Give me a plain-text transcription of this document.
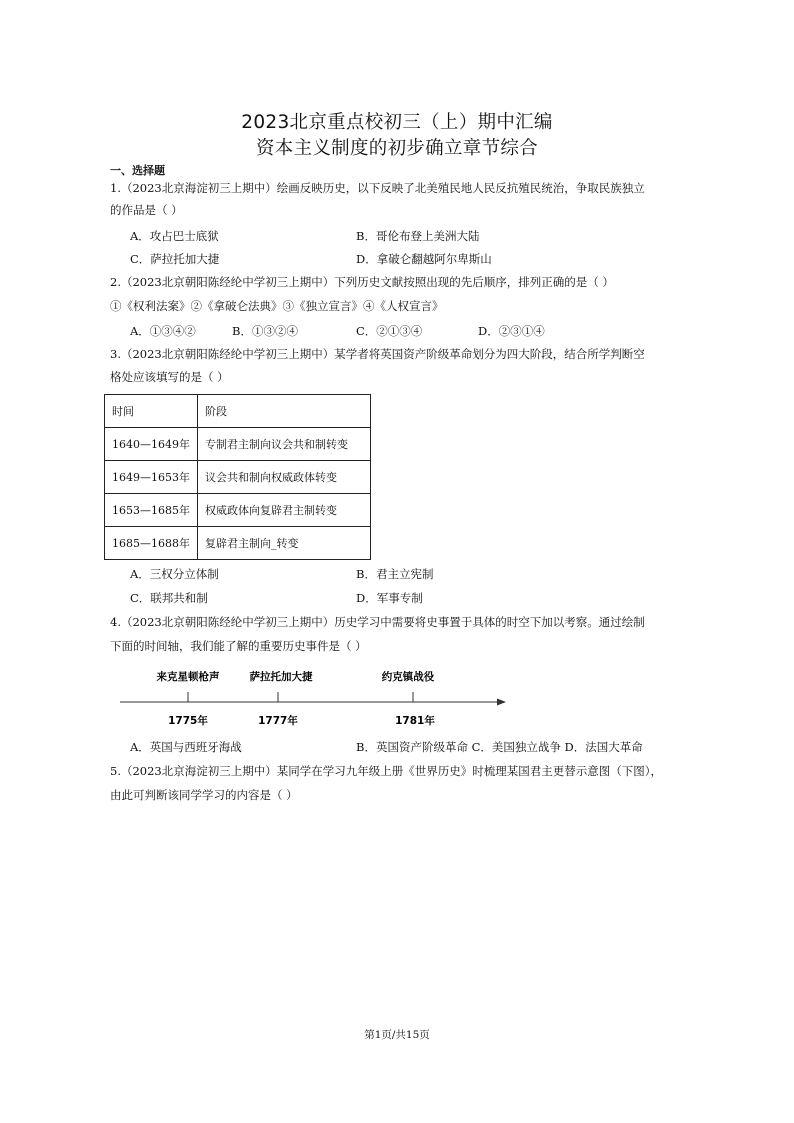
2023北京重点校初三（上）期中汇编
资本主义制度的初步确立章节综合
一、选择题
1.（2023北京海淀初三上期中）绘画反映历史，以下反映了北美殖民地人民反抗殖民统治，争取民族独立
的作品是（ ）
A．攻占巴士底狱	B．哥伦布登上美洲大陆
C．萨拉托加大捷	D．拿破仑翻越阿尔卑斯山
2.（2023北京朝阳陈经纶中学初三上期中）下列历史文献按照出现的先后顺序，排列正确的是（ ）
①《权利法案》②《拿破仑法典》③《独立宣言》④《人权宣言》
A．①③④②	B．①③②④	C．②①③④	D．②③①④
3.（2023北京朝阳陈经纶中学初三上期中）某学者将英国资产阶级革命划分为四大阶段，结合所学判断空
格处应该填写的是（ ）
时间	阶段
1640—1649年	专制君主制向议会共和制转变
1649—1653年	议会共和制向权威政体转变
1653—1685年	权威政体向复辟君主制转变
1685—1688年	复辟君主制向_转变
A．三权分立体制	B．君主立宪制
C．联邦共和制	D．军事专制
4.（2023北京朝阳陈经纶中学初三上期中）历史学习中需要将史事置于具体的时空下加以考察。通过绘制
下面的时间轴，我们能了解的重要历史事件是（ ）
来克星顿枪声	萨拉托加大捷	约克镇战役
1775年	1777年	1781年
A．英国与西班牙海战	B．英国资产阶级革命 C．美国独立战争 D．法国大革命
5.（2023北京海淀初三上期中）某同学在学习九年级上册《世界历史》时梳理某国君主更替示意图（下图），
由此可判断该同学学习的内容是（ ）
第1页/共15页
